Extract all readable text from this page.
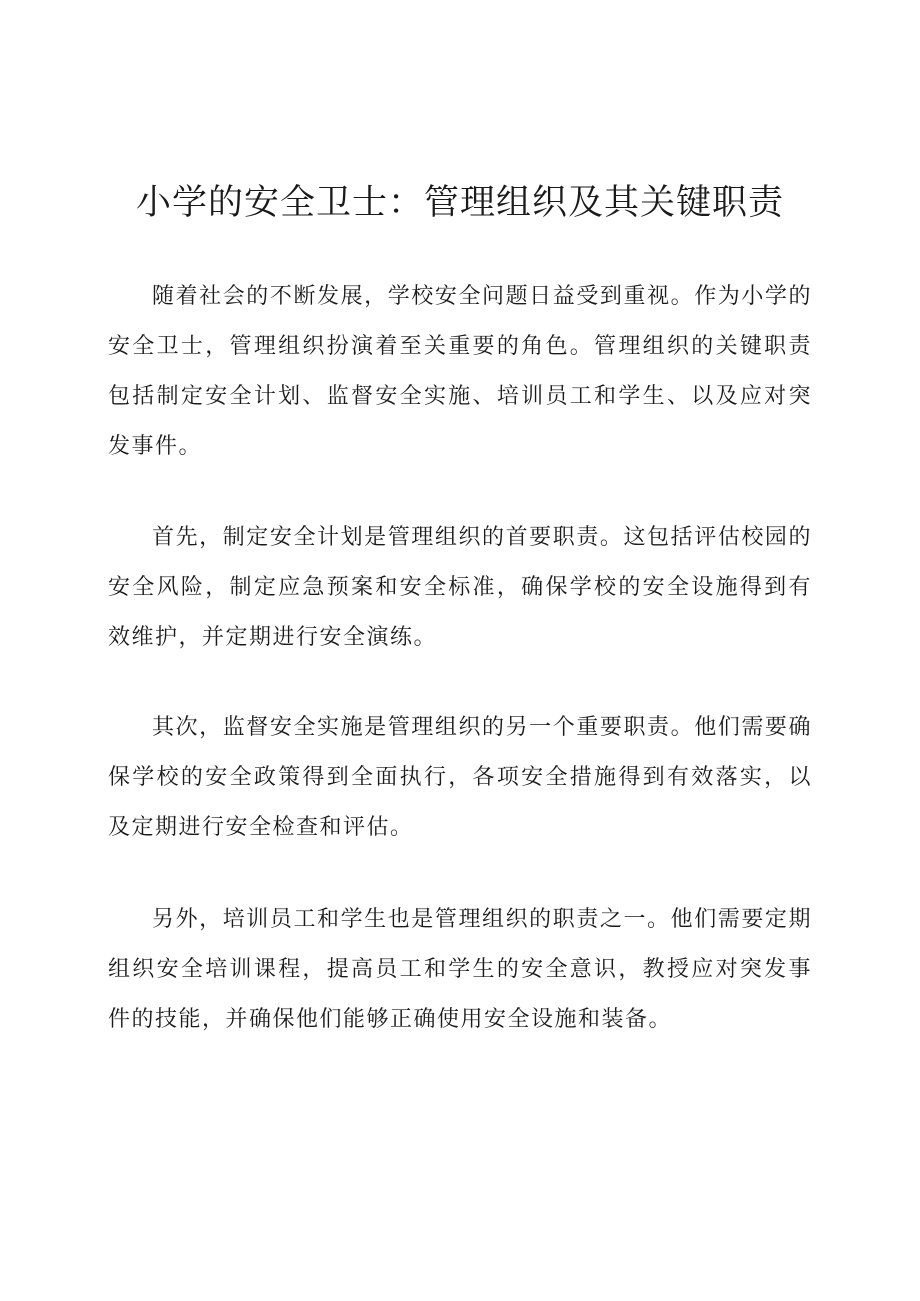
小学的安全卫士：管理组织及其关键职责

随着社会的不断发展，学校安全问题日益受到重视。作为小学的安全卫士，管理组织扮演着至关重要的角色。管理组织的关键职责包括制定安全计划、监督安全实施、培训员工和学生、以及应对突发事件。

首先，制定安全计划是管理组织的首要职责。这包括评估校园的安全风险，制定应急预案和安全标准，确保学校的安全设施得到有效维护，并定期进行安全演练。

其次，监督安全实施是管理组织的另一个重要职责。他们需要确保学校的安全政策得到全面执行，各项安全措施得到有效落实，以及定期进行安全检查和评估。

另外，培训员工和学生也是管理组织的职责之一。他们需要定期组织安全培训课程，提高员工和学生的安全意识，教授应对突发事件的技能，并确保他们能够正确使用安全设施和装备。
